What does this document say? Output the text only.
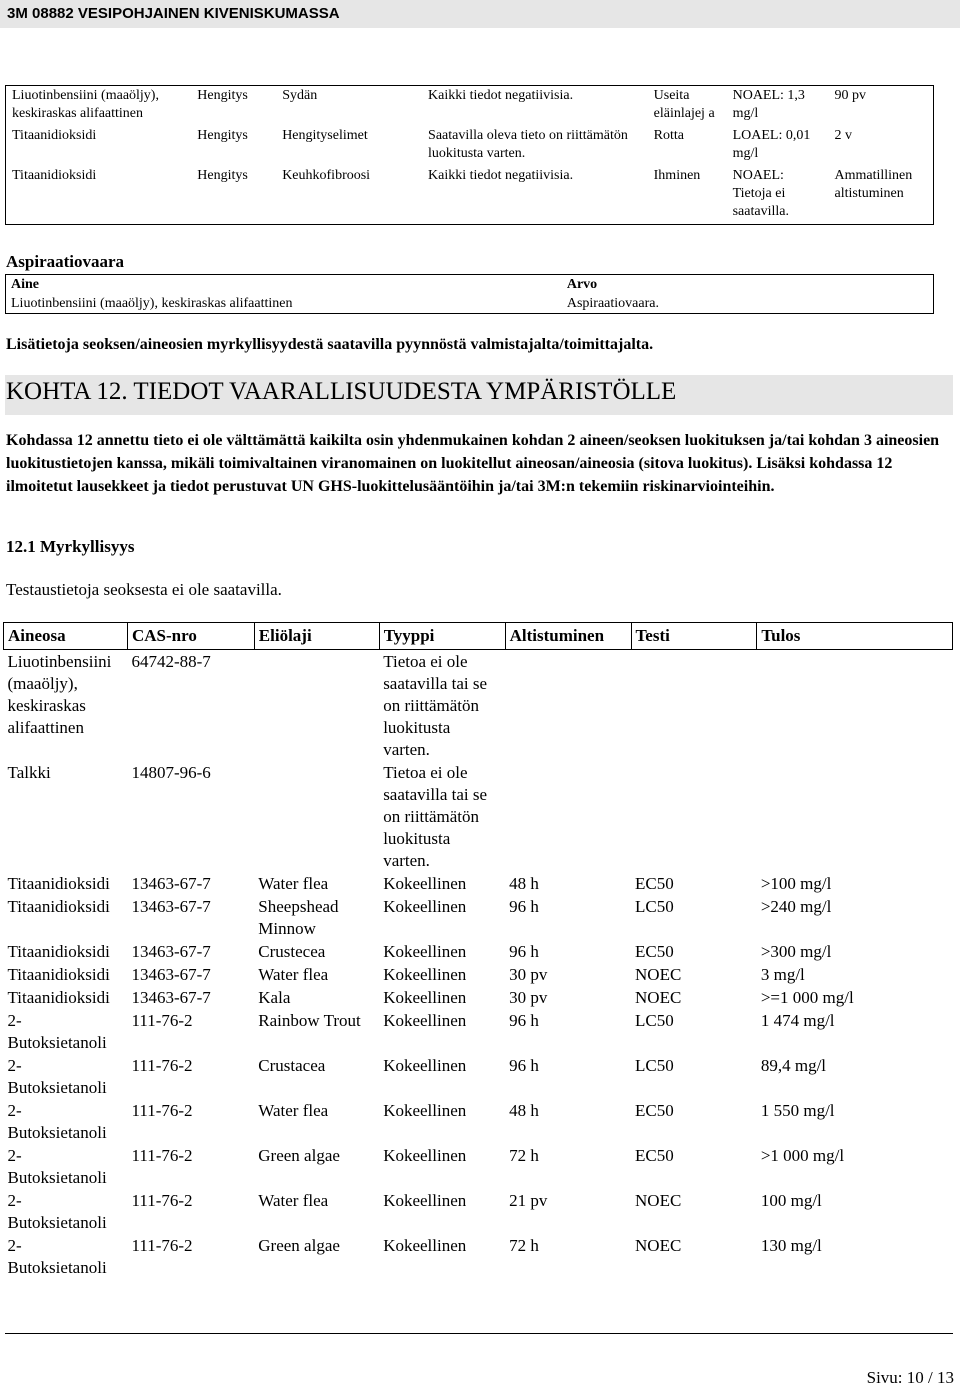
3M 08882 VESIPOHJAINEN KIVENISKUMASSA
Liuotinbensiini (maaöljy), keskiraskas alifaattinen	Hengitys	Sydän	Kaikki tiedot negatiivisia.	Useita eläinlajej a	NOAEL: 1,3 mg/l	90 pv
Titaanidioksidi	Hengitys	Hengityselimet	Saatavilla oleva tieto on riittämätön luokitusta varten.	Rotta	LOAEL: 0,01 mg/l	2 v
Titaanidioksidi	Hengitys	Keuhkofibroosi	Kaikki tiedot negatiivisia.	Ihminen	NOAEL: Tietoja ei saatavilla.	Ammatillinen altistuminen
Aspiraatiovaara
Aine	Arvo
Liuotinbensiini (maaöljy), keskiraskas alifaattinen	Aspiraatiovaara.
Lisätietoja seoksen/aineosien myrkyllisyydestä saatavilla pyynnöstä valmistajalta/toimittajalta.
KOHTA 12. TIEDOT VAARALLISUUDESTA YMPÄRISTÖLLE
Kohdassa 12 annettu tieto ei ole välttämättä kaikilta osin yhdenmukainen kohdan 2 aineen/seoksen luokituksen ja/tai kohdan 3 aineosien luokitustietojen kanssa, mikäli toimivaltainen viranomainen on luokitellut aineosan/aineosia (sitova luokitus). Lisäksi kohdassa 12 ilmoitetut lausekkeet ja tiedot perustuvat UN GHS-luokittelusääntöihin ja/tai 3M:n tekemiin riskinarviointeihin.
12.1 Myrkyllisyys
Testaustietoja seoksesta ei ole saatavilla.
Aineosa	CAS-nro	Eliölaji	Tyyppi	Altistuminen	Testi	Tulos
Liuotinbensiini (maaöljy), keskiraskas alifaattinen	64742-88-7		Tietoa ei ole saatavilla tai se on riittämätön luokitusta varten.			
Talkki	14807-96-6		Tietoa ei ole saatavilla tai se on riittämätön luokitusta varten.			
Titaanidioksidi	13463-67-7	Water flea	Kokeellinen	48 h	EC50	>100 mg/l
Titaanidioksidi	13463-67-7	Sheepshead Minnow	Kokeellinen	96 h	LC50	>240 mg/l
Titaanidioksidi	13463-67-7	Crustecea	Kokeellinen	96 h	EC50	>300 mg/l
Titaanidioksidi	13463-67-7	Water flea	Kokeellinen	30 pv	NOEC	3 mg/l
Titaanidioksidi	13463-67-7	Kala	Kokeellinen	30 pv	NOEC	>=1 000 mg/l
2- Butoksietanoli	111-76-2	Rainbow Trout	Kokeellinen	96 h	LC50	1 474 mg/l
2- Butoksietanoli	111-76-2	Crustacea	Kokeellinen	96 h	LC50	89,4 mg/l
2- Butoksietanoli	111-76-2	Water flea	Kokeellinen	48 h	EC50	1 550 mg/l
2- Butoksietanoli	111-76-2	Green algae	Kokeellinen	72 h	EC50	>1 000 mg/l
2- Butoksietanoli	111-76-2	Water flea	Kokeellinen	21 pv	NOEC	100 mg/l
2- Butoksietanoli	111-76-2	Green algae	Kokeellinen	72 h	NOEC	130 mg/l
Sivu: 10 / 13
